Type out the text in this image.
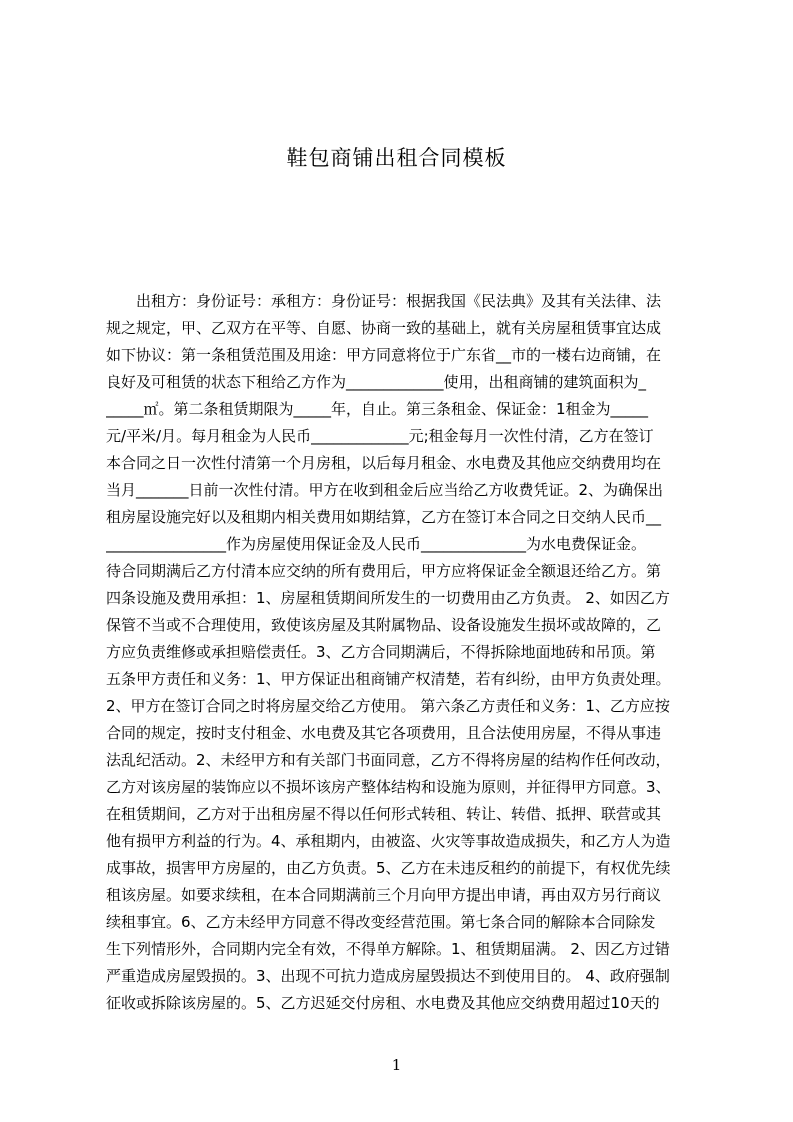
鞋包商铺出租合同模板
　　出租方：身份证号：承租方：身份证号：根据我国《民法典》及其有关法律、法
规之规定，甲、乙双方在平等、自愿、协商一致的基础上，就有关房屋租赁事宜达成
如下协议：第一条租赁范围及用途：甲方同意将位于广东省__市的一楼右边商铺，在
良好及可租赁的状态下租给乙方作为_____________使用，出租商铺的建筑面积为_
_____㎡。第二条租赁期限为_____年，自止。第三条租金、保证金：1租金为_____
元/平米/月。每月租金为人民币_____________元;租金每月一次性付清，乙方在签订
本合同之日一次性付清第一个月房租，以后每月租金、水电费及其他应交纳费用均在
当月_______日前一次性付清。甲方在收到租金后应当给乙方收费凭证。2、为确保出
租房屋设施完好以及租期内相关费用如期结算，乙方在签订本合同之日交纳人民币__
________________作为房屋使用保证金及人民币______________为水电费保证金。
待合同期满后乙方付清本应交纳的所有费用后，甲方应将保证金全额退还给乙方。第
四条设施及费用承担：1、房屋租赁期间所发生的一切费用由乙方负责。 2、如因乙方
保管不当或不合理使用，致使该房屋及其附属物品、设备设施发生损坏或故障的，乙
方应负责维修或承担赔偿责任。3、乙方合同期满后，不得拆除地面地砖和吊顶。第
五条甲方责任和义务：1、甲方保证出租商铺产权清楚，若有纠纷，由甲方负责处理。
2、甲方在签订合同之时将房屋交给乙方使用。 第六条乙方责任和义务：1、乙方应按
合同的规定，按时支付租金、水电费及其它各项费用，且合法使用房屋，不得从事违
法乱纪活动。2、未经甲方和有关部门书面同意，乙方不得将房屋的结构作任何改动，
乙方对该房屋的装饰应以不损坏该房产整体结构和设施为原则，并征得甲方同意。3、
在租赁期间，乙方对于出租房屋不得以任何形式转租、转让、转借、抵押、联营或其
他有损甲方利益的行为。4、承租期内，由被盗、火灾等事故造成损失，和乙方人为造
成事故，损害甲方房屋的，由乙方负责。5、乙方在未违反租约的前提下，有权优先续
租该房屋。如要求续租，在本合同期满前三个月向甲方提出申请，再由双方另行商议
续租事宜。6、乙方未经甲方同意不得改变经营范围。第七条合同的解除本合同除发
生下列情形外，合同期内完全有效，不得单方解除。1、租赁期届满。 2、因乙方过错
严重造成房屋毁损的。3、出现不可抗力造成房屋毁损达不到使用目的。 4、政府强制
征收或拆除该房屋的。5、乙方迟延交付房租、水电费及其他应交纳费用超过10天的
1
